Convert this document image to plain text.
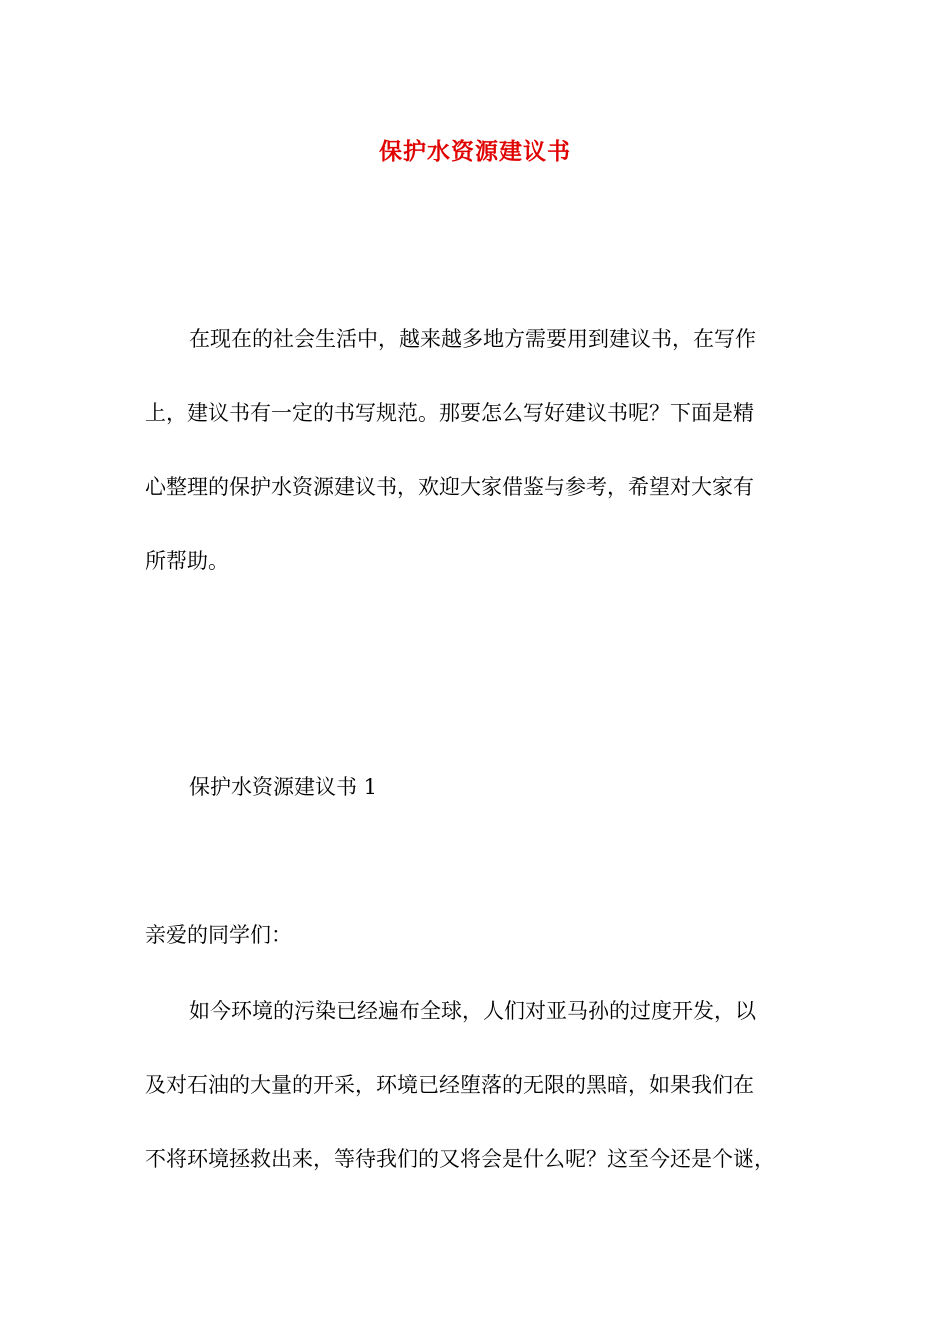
保护水资源建议书
在现在的社会生活中，越来越多地方需要用到建议书，在写作
上，建议书有一定的书写规范。那要怎么写好建议书呢？下面是精
心整理的保护水资源建议书，欢迎大家借鉴与参考，希望对大家有
所帮助。
保护水资源建议书 1
亲爱的同学们：
如今环境的污染已经遍布全球，人们对亚马孙的过度开发，以
及对石油的大量的开采，环境已经堕落的无限的黑暗，如果我们在
不将环境拯救出来，等待我们的又将会是什么呢？这至今还是个谜，
